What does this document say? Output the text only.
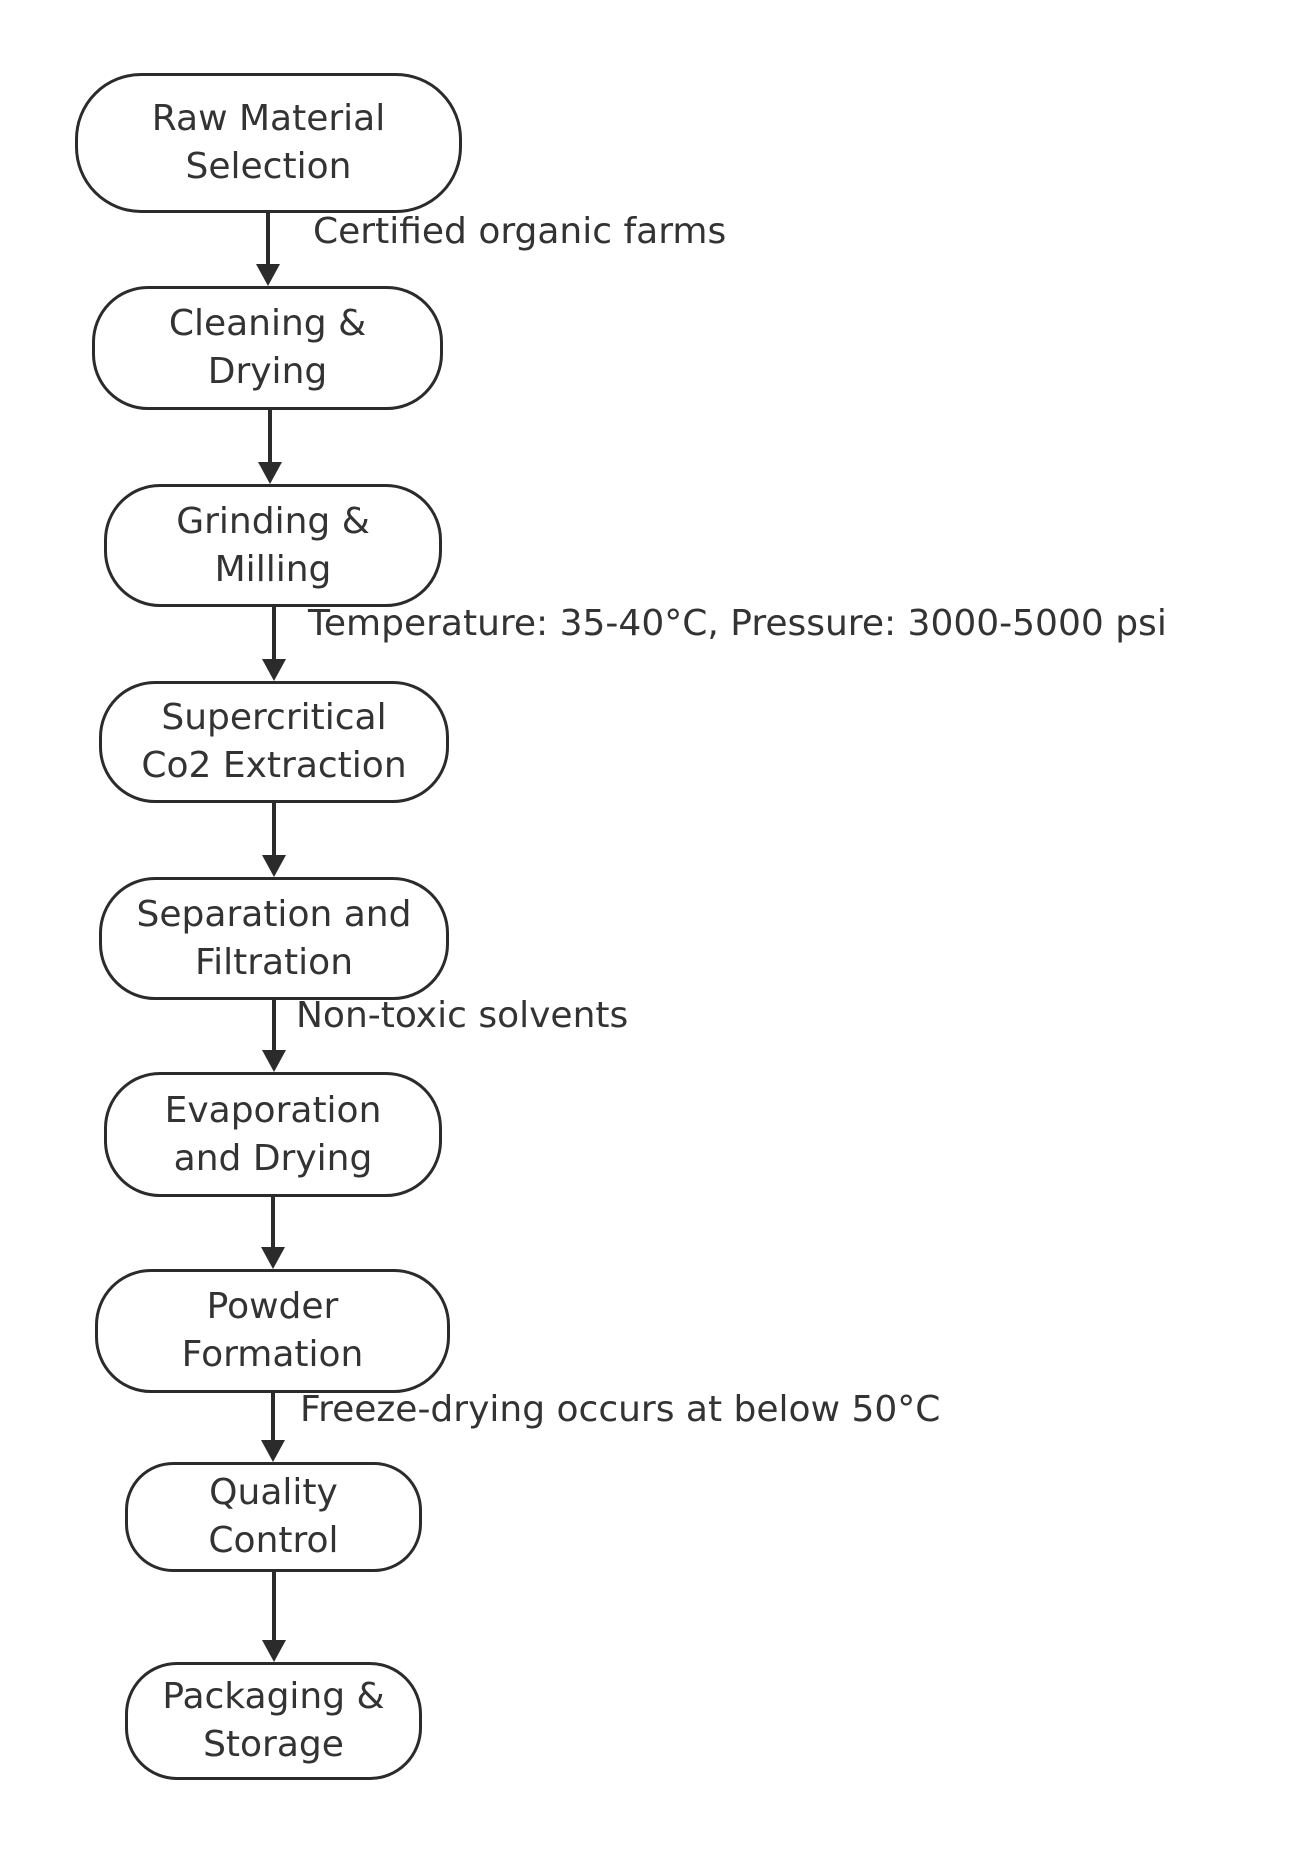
Raw Material
Selection
Cleaning &
Drying
Grinding &
Milling
Supercritical
Co2 Extraction
Separation and
Filtration
Evaporation
and Drying
Powder
Formation
Quality
Control
Packaging &
Storage
Certified organic farms
Temperature: 35-40°C, Pressure: 3000-5000 psi
Non-toxic solvents
Freeze-drying occurs at below 50°C
